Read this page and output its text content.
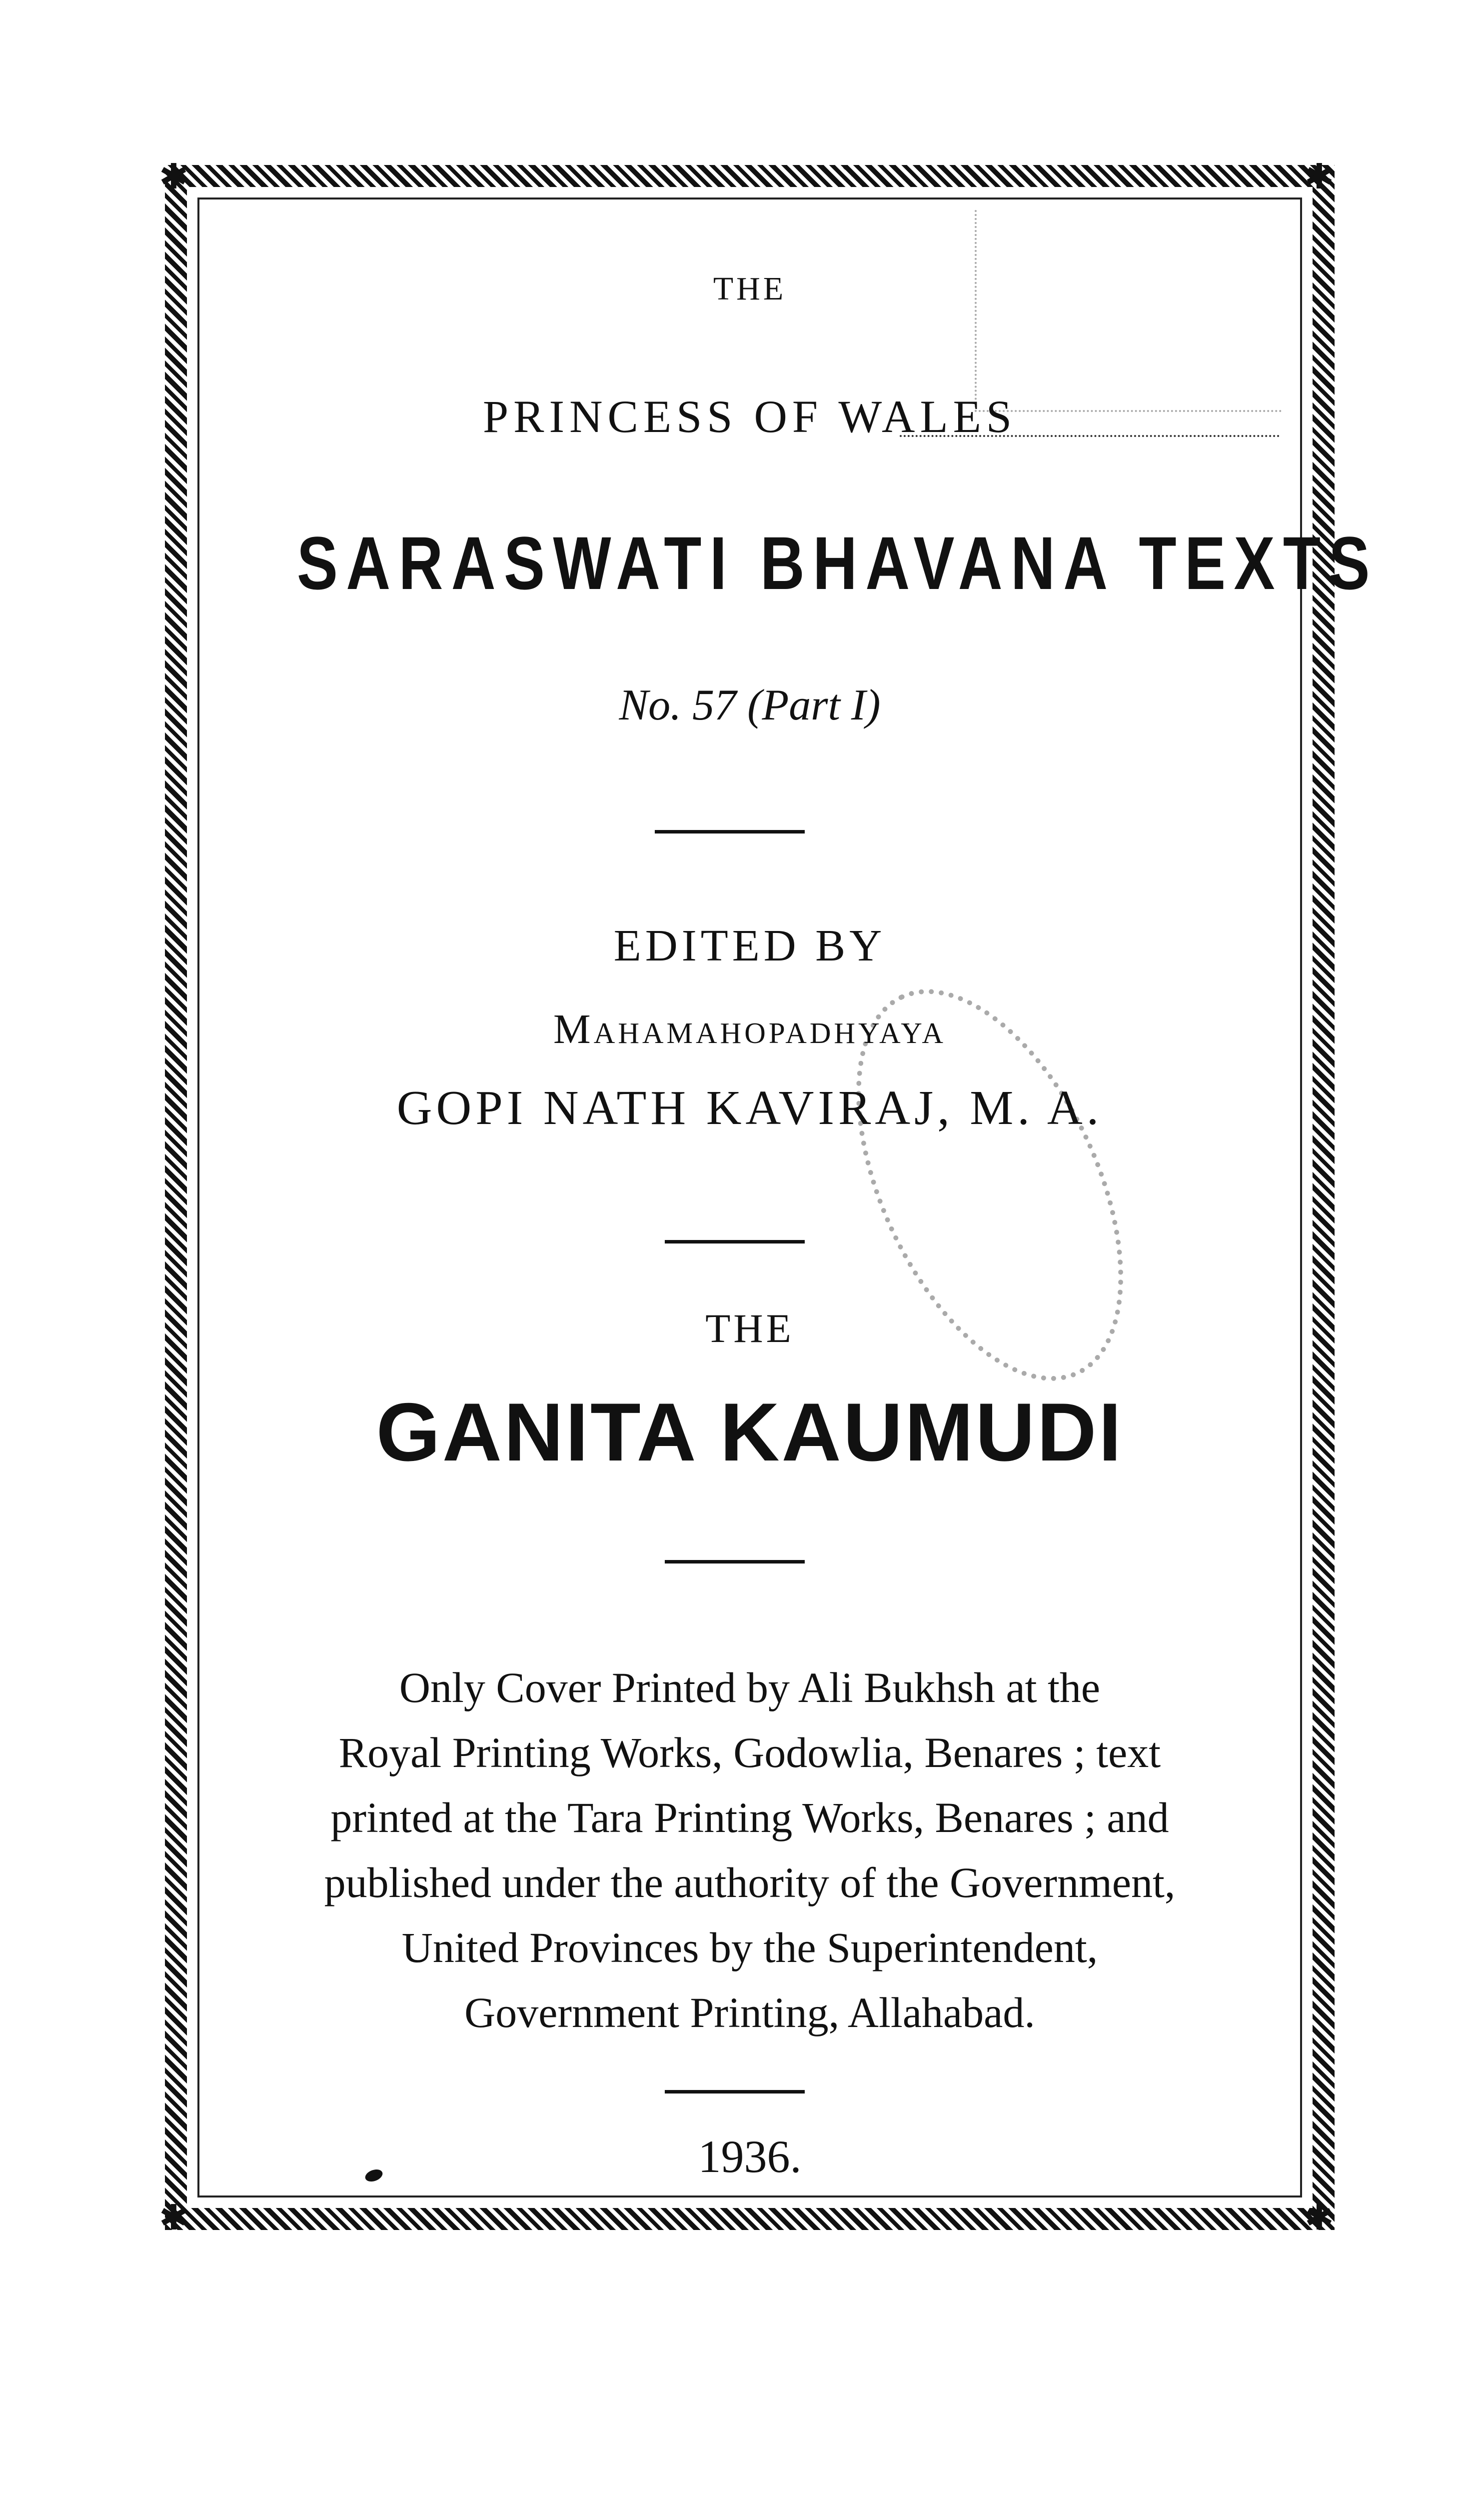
✱	✱
✱	✱
THE
PRINCESS OF WALES
SARASWATI BHAVANA TEXTS
No. 57 (Part I)
EDITED BY
Mahamahopadhyaya
GOPI NATH KAVIRAJ, M. A.
THE
GANITA KAUMUDI
Only Cover Printed by Ali Bukhsh at the
Royal Printing Works, Godowlia, Benares ; text
printed at the Tara Printing Works, Benares ; and
published under the authority of the Government,
United Provinces by the Superintendent,
Government Printing, Allahabad.
1936.
